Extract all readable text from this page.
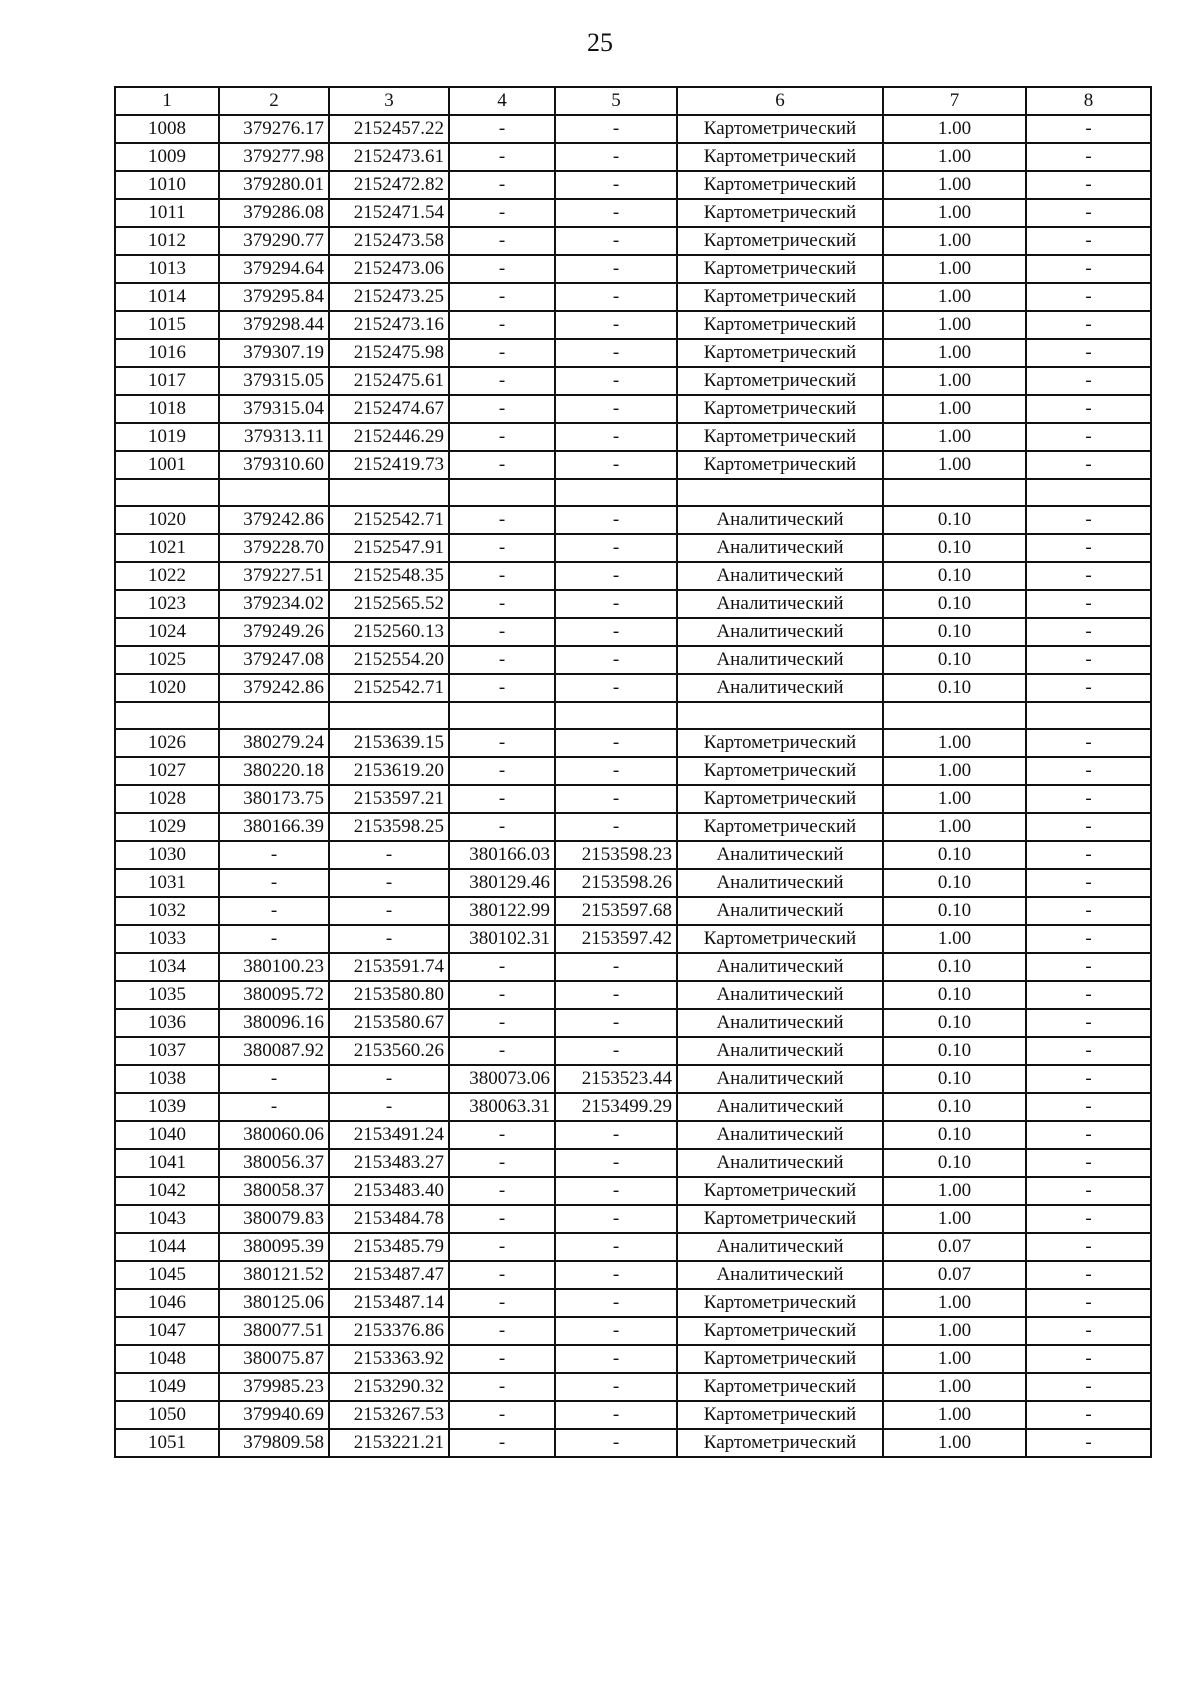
25
1	2	3	4	5	6	7	8
1008	379276.17	2152457.22	-	-	Картометрический	1.00	-
1009	379277.98	2152473.61	-	-	Картометрический	1.00	-
1010	379280.01	2152472.82	-	-	Картометрический	1.00	-
1011	379286.08	2152471.54	-	-	Картометрический	1.00	-
1012	379290.77	2152473.58	-	-	Картометрический	1.00	-
1013	379294.64	2152473.06	-	-	Картометрический	1.00	-
1014	379295.84	2152473.25	-	-	Картометрический	1.00	-
1015	379298.44	2152473.16	-	-	Картометрический	1.00	-
1016	379307.19	2152475.98	-	-	Картометрический	1.00	-
1017	379315.05	2152475.61	-	-	Картометрический	1.00	-
1018	379315.04	2152474.67	-	-	Картометрический	1.00	-
1019	379313.11	2152446.29	-	-	Картометрический	1.00	-
1001	379310.60	2152419.73	-	-	Картометрический	1.00	-

1020	379242.86	2152542.71	-	-	Аналитический	0.10	-
1021	379228.70	2152547.91	-	-	Аналитический	0.10	-
1022	379227.51	2152548.35	-	-	Аналитический	0.10	-
1023	379234.02	2152565.52	-	-	Аналитический	0.10	-
1024	379249.26	2152560.13	-	-	Аналитический	0.10	-
1025	379247.08	2152554.20	-	-	Аналитический	0.10	-
1020	379242.86	2152542.71	-	-	Аналитический	0.10	-

1026	380279.24	2153639.15	-	-	Картометрический	1.00	-
1027	380220.18	2153619.20	-	-	Картометрический	1.00	-
1028	380173.75	2153597.21	-	-	Картометрический	1.00	-
1029	380166.39	2153598.25	-	-	Картометрический	1.00	-
1030	-	-	380166.03	2153598.23	Аналитический	0.10	-
1031	-	-	380129.46	2153598.26	Аналитический	0.10	-
1032	-	-	380122.99	2153597.68	Аналитический	0.10	-
1033	-	-	380102.31	2153597.42	Картометрический	1.00	-
1034	380100.23	2153591.74	-	-	Аналитический	0.10	-
1035	380095.72	2153580.80	-	-	Аналитический	0.10	-
1036	380096.16	2153580.67	-	-	Аналитический	0.10	-
1037	380087.92	2153560.26	-	-	Аналитический	0.10	-
1038	-	-	380073.06	2153523.44	Аналитический	0.10	-
1039	-	-	380063.31	2153499.29	Аналитический	0.10	-
1040	380060.06	2153491.24	-	-	Аналитический	0.10	-
1041	380056.37	2153483.27	-	-	Аналитический	0.10	-
1042	380058.37	2153483.40	-	-	Картометрический	1.00	-
1043	380079.83	2153484.78	-	-	Картометрический	1.00	-
1044	380095.39	2153485.79	-	-	Аналитический	0.07	-
1045	380121.52	2153487.47	-	-	Аналитический	0.07	-
1046	380125.06	2153487.14	-	-	Картометрический	1.00	-
1047	380077.51	2153376.86	-	-	Картометрический	1.00	-
1048	380075.87	2153363.92	-	-	Картометрический	1.00	-
1049	379985.23	2153290.32	-	-	Картометрический	1.00	-
1050	379940.69	2153267.53	-	-	Картометрический	1.00	-
1051	379809.58	2153221.21	-	-	Картометрический	1.00	-
